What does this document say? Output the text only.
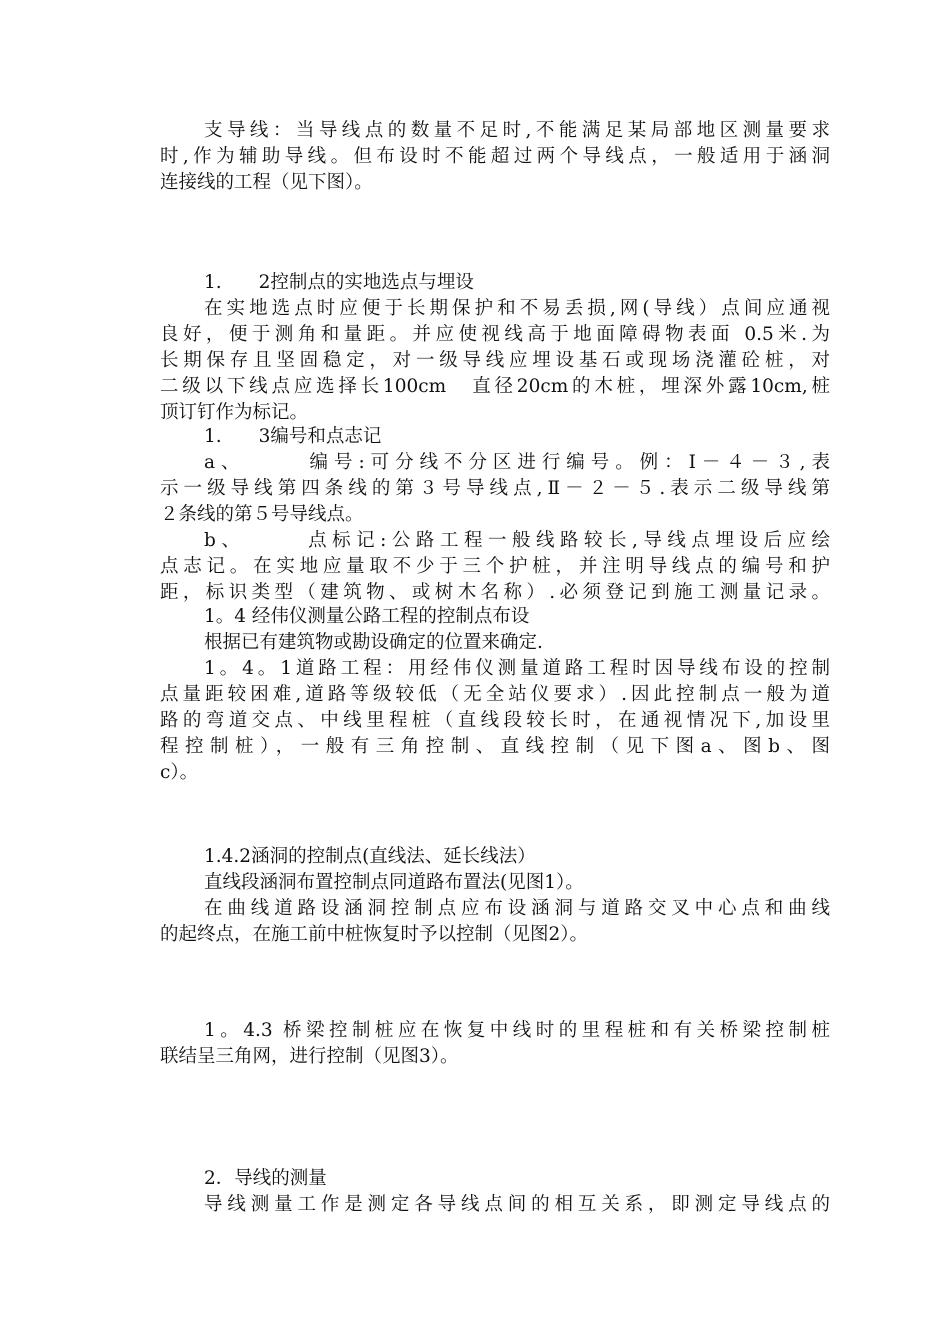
支导线：当导线点的数量不足时,不能满足某局部地区测量要求
时,作为辅助导线。但布设时不能超过两个导线点，一般适用于涵洞
连接线的工程（见下图）。
1.　　2控制点的实地选点与埋设
在实地选点时应便于长期保护和不易丢损,网(导线）点间应通视
良好，便于测角和量距。并应使视线高于地面障碍物表面 0.5米.为
长期保存且坚固稳定，对一级导线应埋设基石或现场浇灌砼桩，对
二级以下线点应选择长100cm　直径20cm的木桩，埋深外露10cm,桩
顶订钉作为标记。
1.　　3编号和点志记
a、　　　编号:可分线不分区进行编号。例：Ⅰ－４－３,表
示一级导线第四条线的第３号导线点,Ⅱ－２－５.表示二级导线第
２条线的第５号导线点。
b、　　　点标记:公路工程一般线路较长,导线点埋设后应绘
点志记。在实地应量取不少于三个护桩，并注明导线点的编号和护
距，标识类型（建筑物、或树木名称）.必须登记到施工测量记录。
1。4 经伟仪测量公路工程的控制点布设
根据已有建筑物或勘设确定的位置来确定.
1。4。1道路工程：用经伟仪测量道路工程时因导线布设的控制
点量距较困难,道路等级较低（无全站仪要求）.因此控制点一般为道
路的弯道交点、中线里程桩（直线段较长时，在通视情况下,加设里
程控制桩），一般有三角控制、直线控制（见下图a、图b、图
c）。
1.4.2涵洞的控制点(直线法、延长线法）
直线段涵洞布置控制点同道路布置法(见图1）。
在曲线道路设涵洞控制点应布设涵洞与道路交叉中心点和曲线
的起终点，在施工前中桩恢复时予以控制（见图2）。
1。4.3 桥梁控制桩应在恢复中线时的里程桩和有关桥梁控制桩
联结呈三角网，进行控制（见图3）。
2．导线的测量
导线测量工作是测定各导线点间的相互关系，即测定导线点的
